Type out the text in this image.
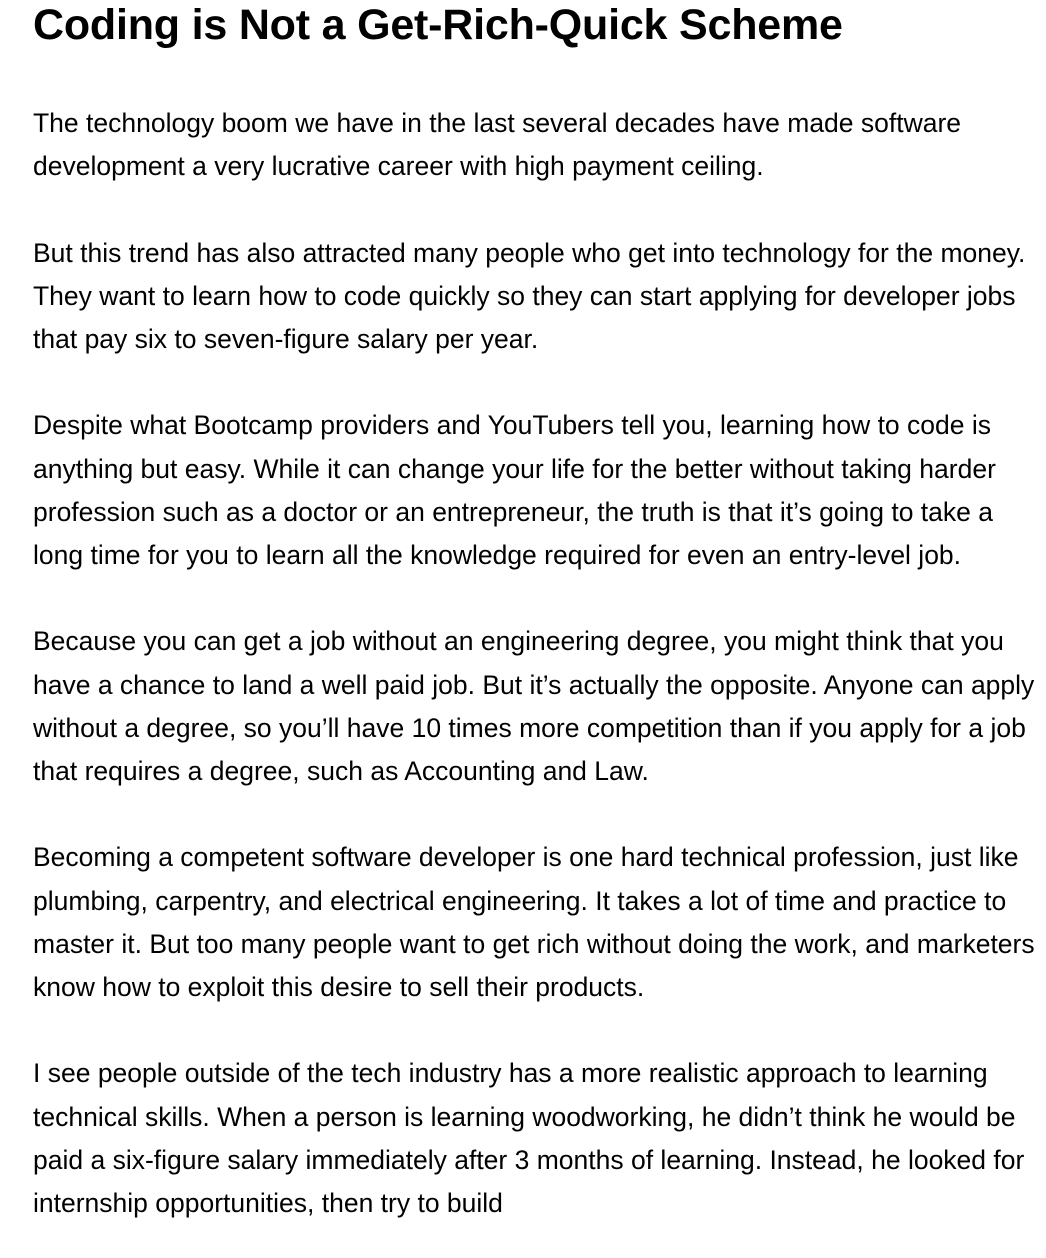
Coding is Not a Get-Rich-Quick Scheme

The technology boom we have in the last several decades have made software development a very lucrative career with high payment ceiling.

But this trend has also attracted many people who get into technology for the money. They want to learn how to code quickly so they can start applying for developer jobs that pay six to seven-figure salary per year.

Despite what Bootcamp providers and YouTubers tell you, learning how to code is anything but easy. While it can change your life for the better without taking harder profession such as a doctor or an entrepreneur, the truth is that it’s going to take a long time for you to learn all the knowledge required for even an entry-level job.

Because you can get a job without an engineering degree, you might think that you have a chance to land a well paid job. But it’s actually the opposite. Anyone can apply without a degree, so you’ll have 10 times more competition than if you apply for a job that requires a degree, such as Accounting and Law.

Becoming a competent software developer is one hard technical profession, just like plumbing, carpentry, and electrical engineering. It takes a lot of time and practice to master it. But too many people want to get rich without doing the work, and marketers know how to exploit this desire to sell their products.

I see people outside of the tech industry has a more realistic approach to learning technical skills. When a person is learning woodworking, he didn’t think he would be paid a six-figure salary immediately after 3 months of learning. Instead, he looked for internship opportunities, then try to build
